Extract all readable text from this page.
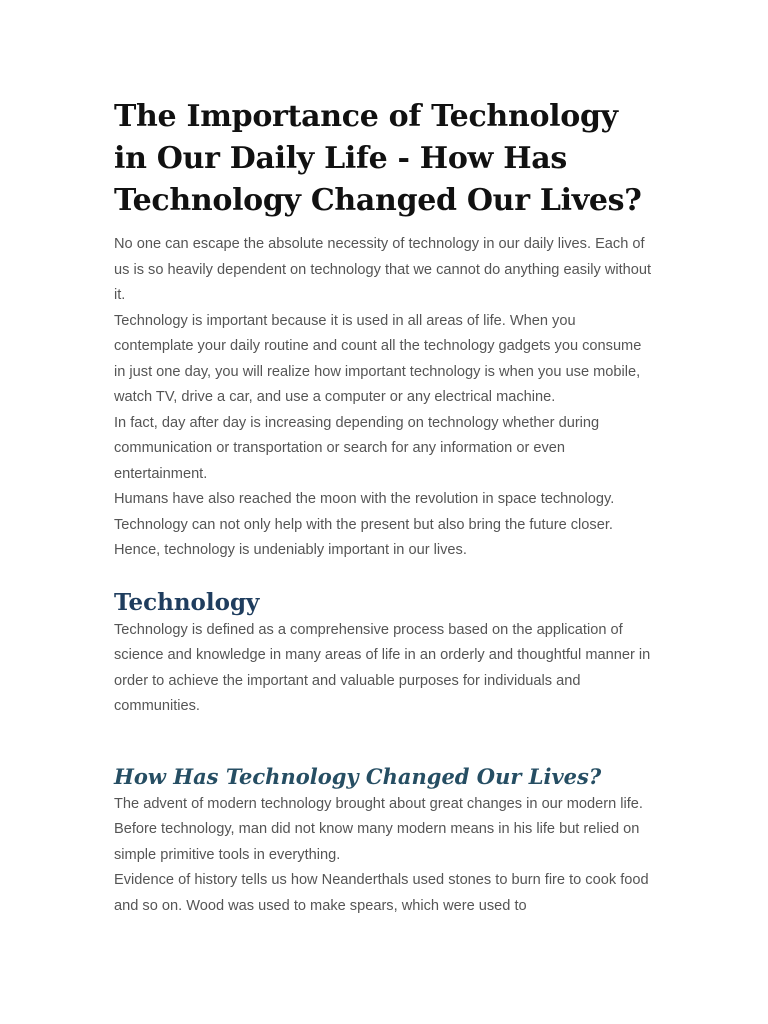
The Importance of Technology in Our Daily Life - How Has Technology Changed Our Lives?

No one can escape the absolute necessity of technology in our daily lives. Each of us is so heavily dependent on technology that we cannot do anything easily without it.

Technology is important because it is used in all areas of life. When you contemplate your daily routine and count all the technology gadgets you consume in just one day, you will realize how important technology is when you use mobile, watch TV, drive a car, and use a computer or any electrical machine.

In fact, day after day is increasing depending on technology whether during communication or transportation or search for any information or even entertainment.

Humans have also reached the moon with the revolution in space technology. Technology can not only help with the present but also bring the future closer. Hence, technology is undeniably important in our lives.

Technology

Technology is defined as a comprehensive process based on the application of science and knowledge in many areas of life in an orderly and thoughtful manner in order to achieve the important and valuable purposes for individuals and communities.

How Has Technology Changed Our Lives?

The advent of modern technology brought about great changes in our modern life. Before technology, man did not know many modern means in his life but relied on simple primitive tools in everything.

Evidence of history tells us how Neanderthals used stones to burn fire to cook food and so on. Wood was used to make spears, which were used to
